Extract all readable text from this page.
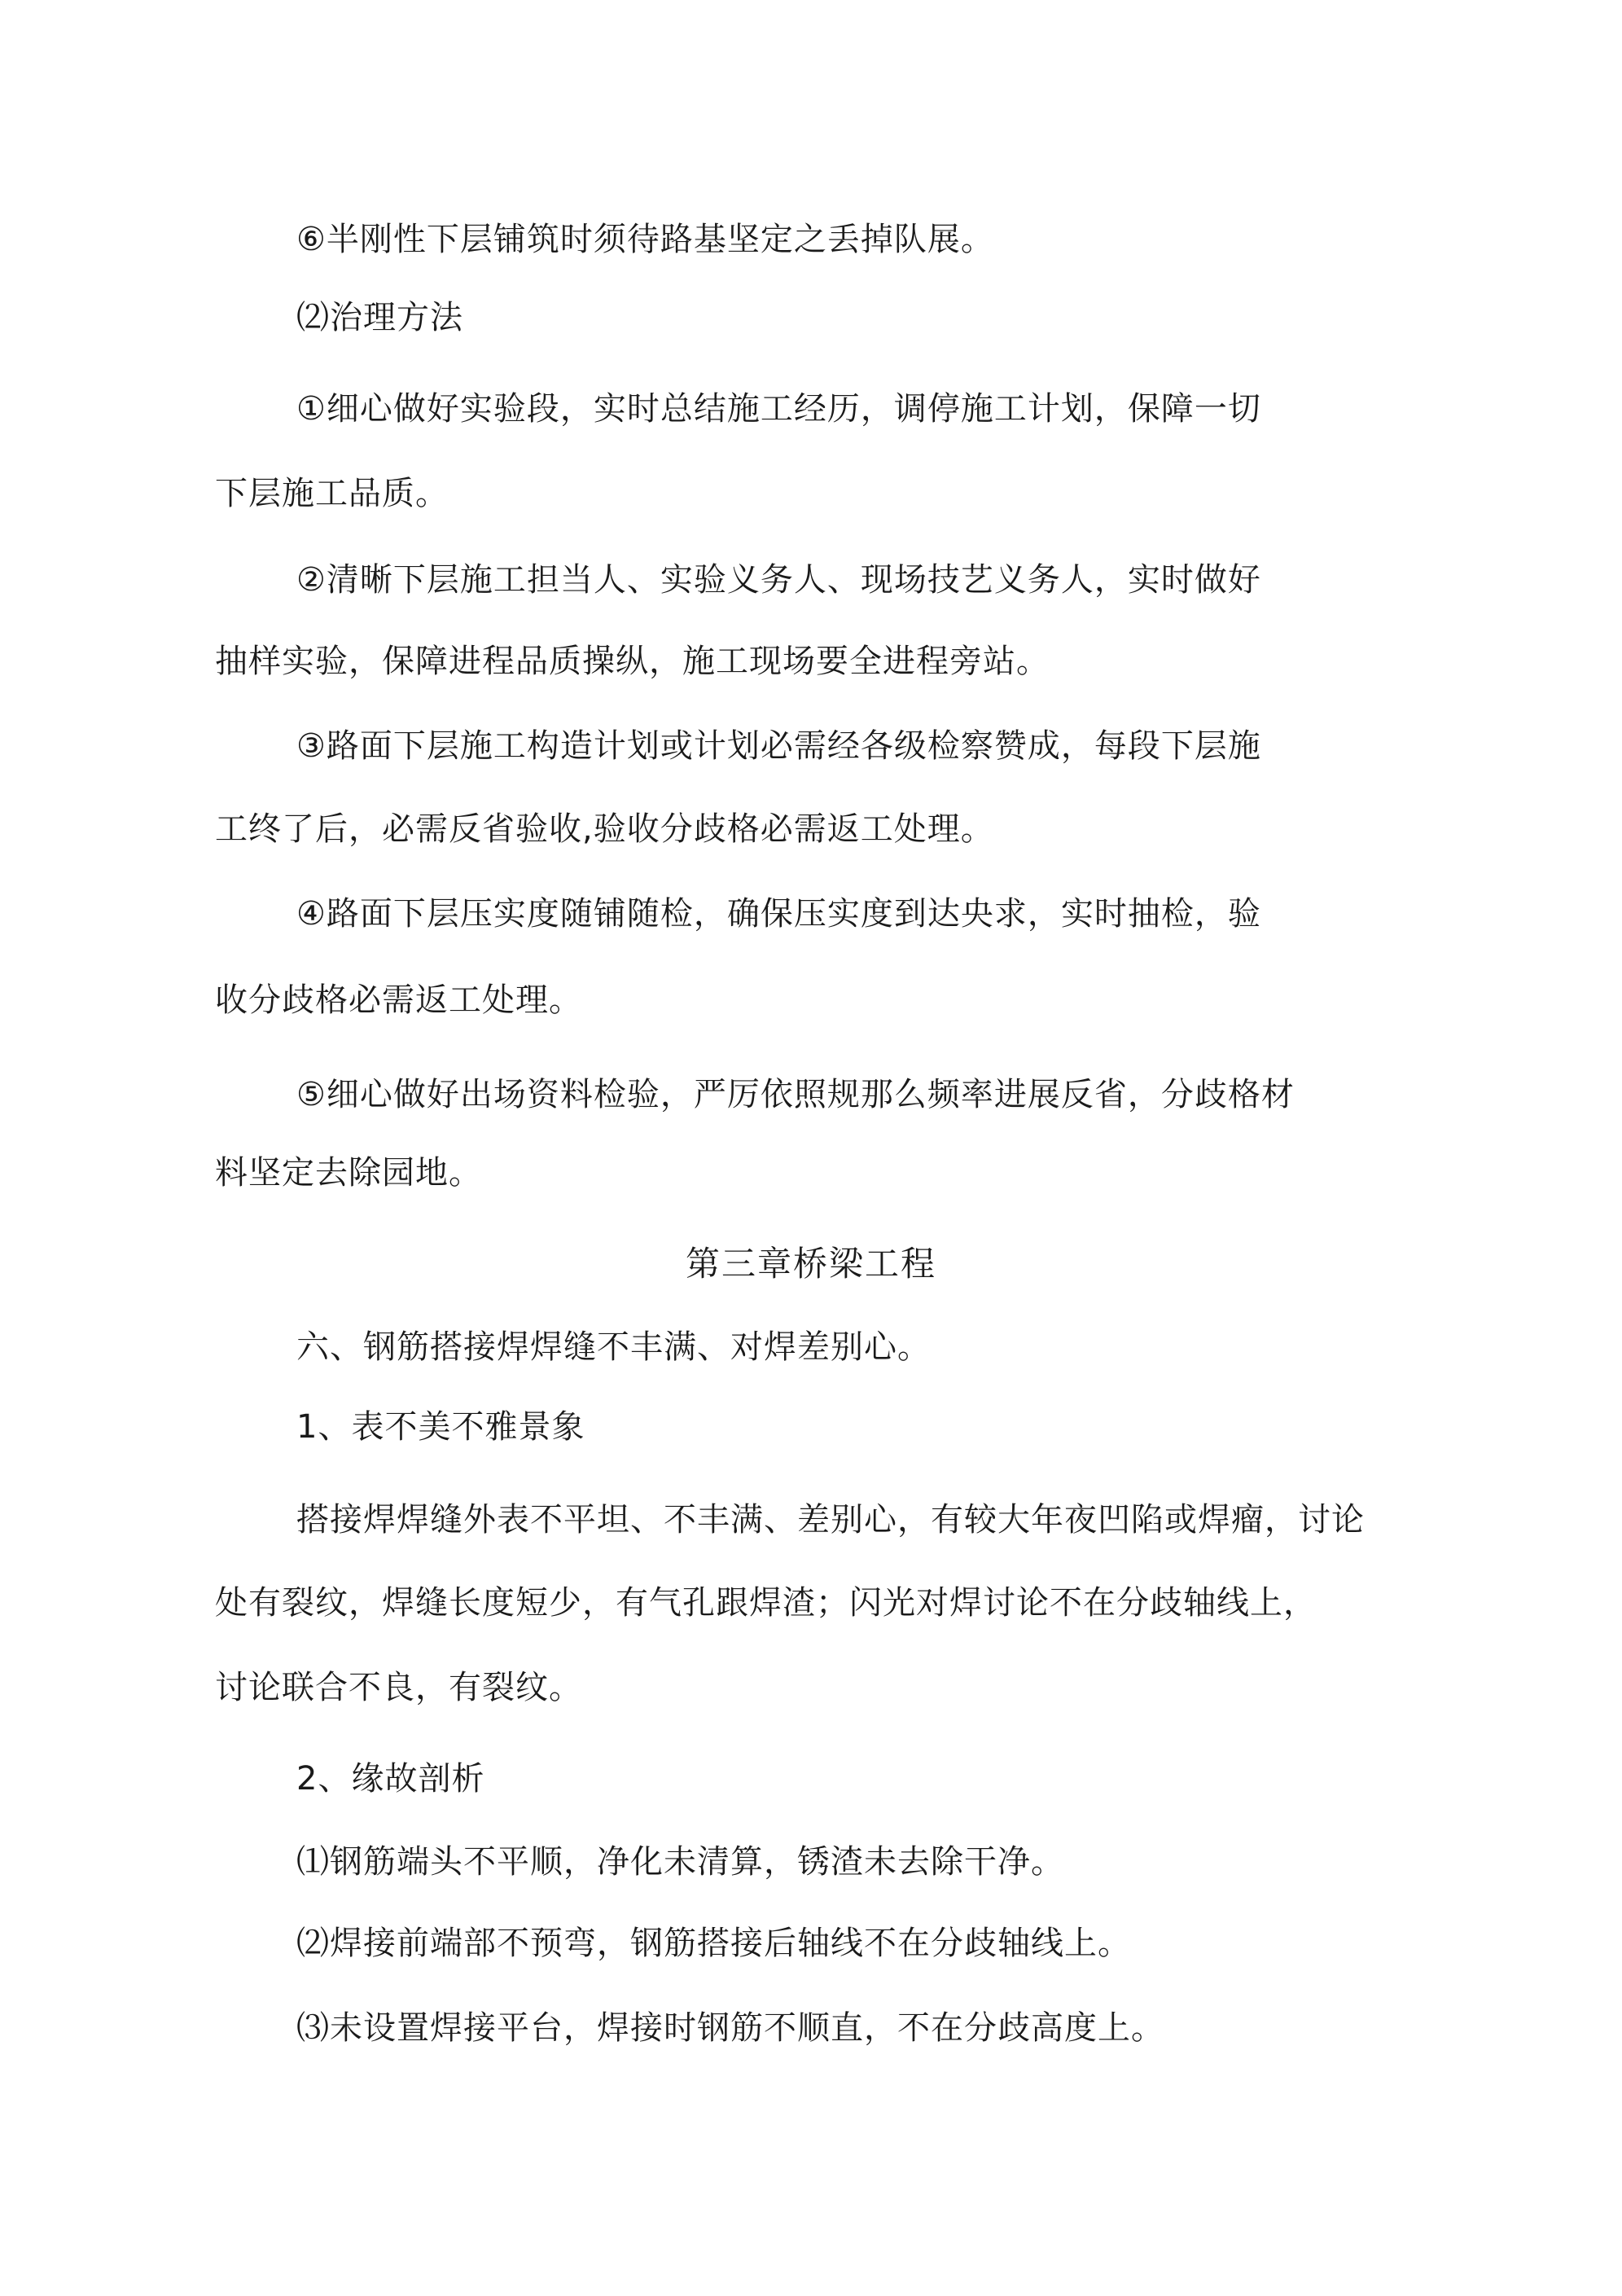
⑥半刚性下层铺筑时须待路基坚定之丢掉队展。
⑵治理方法
①细心做好实验段，实时总结施工经历，调停施工计划，保障一切
下层施工品质。
②清晰下层施工担当人、实验义务人、现场技艺义务人，实时做好
抽样实验，保障进程品质操纵，施工现场要全进程旁站。
③路面下层施工构造计划或计划必需经各级检察赞成，每段下层施
工终了后，必需反省验收,验收分歧格必需返工处理。
④路面下层压实度随铺随检，确保压实度到达央求，实时抽检，验
收分歧格必需返工处理。
⑤细心做好出场资料检验，严厉依照规那么频率进展反省，分歧格材
料坚定去除园地。
第三章桥梁工程
六、钢筋搭接焊焊缝不丰满、对焊差别心。
1、表不美不雅景象
搭接焊焊缝外表不平坦、不丰满、差别心，有较大年夜凹陷或焊瘤，讨论
处有裂纹，焊缝长度短少，有气孔跟焊渣；闪光对焊讨论不在分歧轴线上，
讨论联合不良，有裂纹。
2、缘故剖析
⑴钢筋端头不平顺，净化未清算，锈渣未去除干净。
⑵焊接前端部不预弯，钢筋搭接后轴线不在分歧轴线上。
⑶未设置焊接平台，焊接时钢筋不顺直，不在分歧高度上。
